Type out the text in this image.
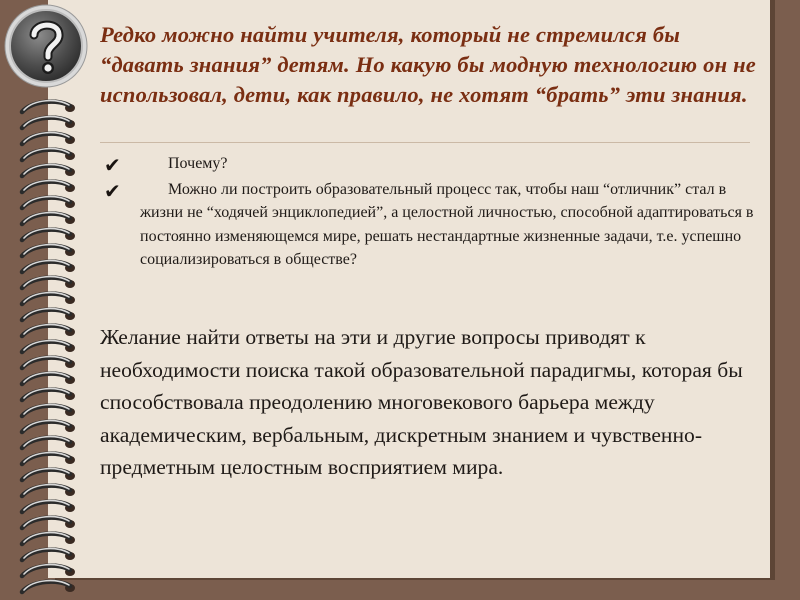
Редко можно найти учителя, который не стремился бы “давать знания” детям. Но какую бы модную технологию он не использовал, дети, как правило, не хотят “брать” эти знания.
✔	Почему?
✔	Можно ли построить образовательный процесс так, чтобы наш “отличник” стал в жизни не “ходячей энциклопедией”, а целостной личностью, способной адаптироваться в постоянно изменяющемся мире, решать нестандартные жизненные задачи, т.е. успешно социализироваться в обществе?

Желание найти ответы на эти и другие вопросы приводят к необходимости поиска такой образовательной парадигмы, которая бы способствовала преодолению многовекового барьера между академическим, вербальным, дискретным знанием и чувственно-предметным целостным восприятием мира.
